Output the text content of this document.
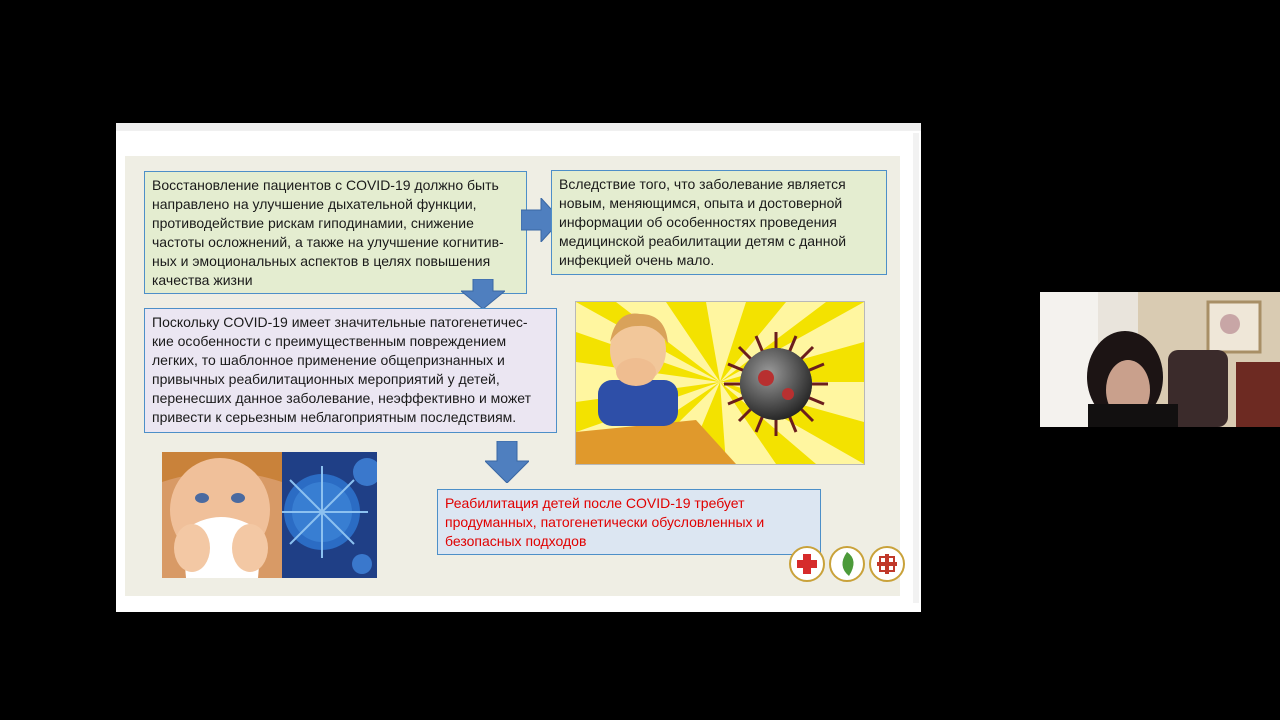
Восстановление пациентов с COVID-19 должно быть направлено на улучшение дыхательной функции, противодействие рискам гиподинамии, снижение частоты осложнений, а также на улучшение когнитив-ных и эмоциональных аспектов в целях повышения качества жизни
Вследствие того, что заболевание является новым, меняющимся, опыта и достоверной информации об особенностях проведения медицинской реабилитации детям с данной инфекцией очень мало.
Поскольку COVID-19 имеет значительные патогенетичес-кие особенности с преимущественным повреждением легких, то шаблонное применение общепризнанных и привычных реабилитационных мероприятий у детей, перенесших данное заболевание, неэффективно и может привести к серьезным неблагоприятным последствиям.
Реабилитация детей после COVID-19 требует продуманных, патогенетически обусловленных и безопасных подходов
